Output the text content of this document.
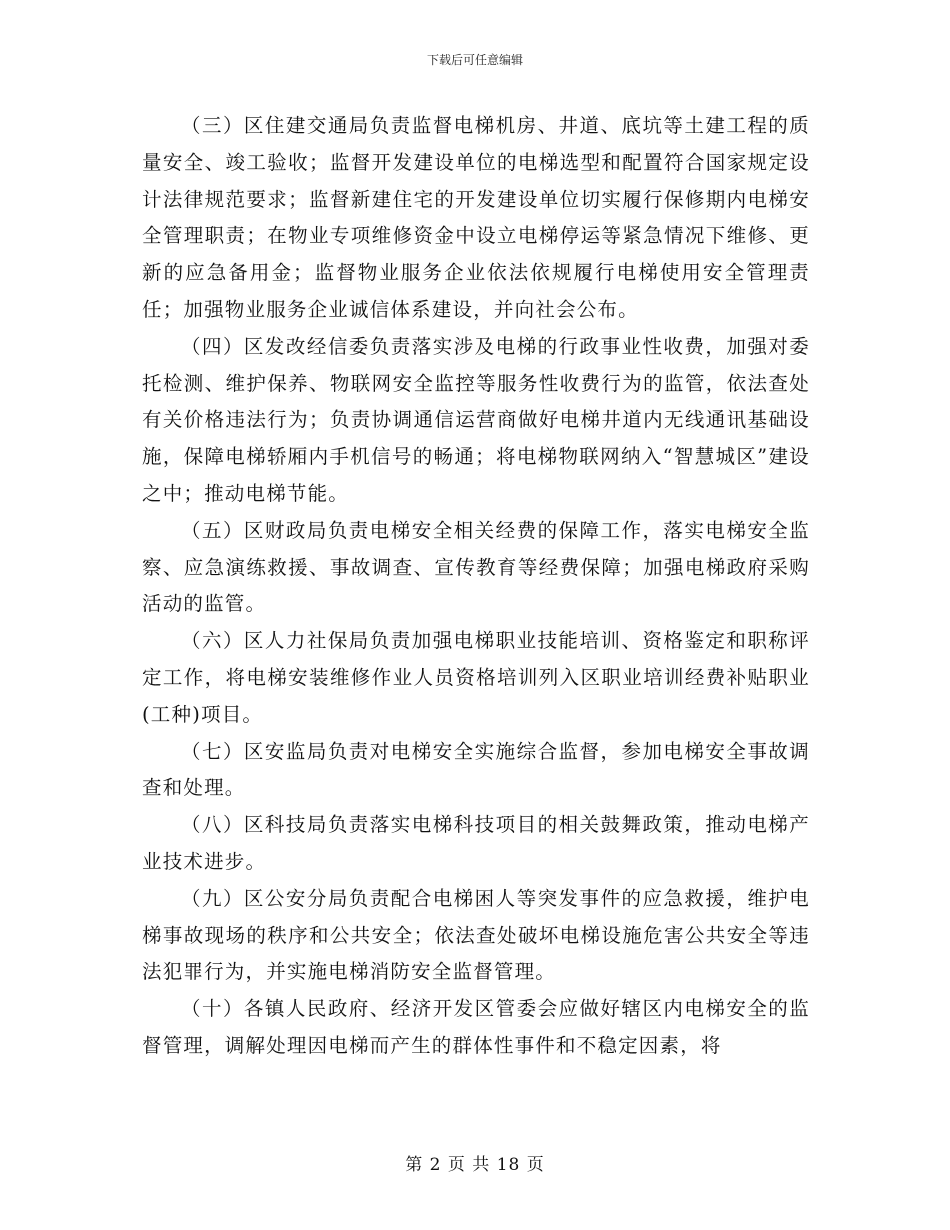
下载后可任意编辑

（三）区住建交通局负责监督电梯机房、井道、底坑等土建工程的质量安全、竣工验收；监督开发建设单位的电梯选型和配置符合国家规定设计法律规范要求；监督新建住宅的开发建设单位切实履行保修期内电梯安全管理职责；在物业专项维修资金中设立电梯停运等紧急情况下维修、更新的应急备用金；监督物业服务企业依法依规履行电梯使用安全管理责任；加强物业服务企业诚信体系建设，并向社会公布。

（四）区发改经信委负责落实涉及电梯的行政事业性收费，加强对委托检测、维护保养、物联网安全监控等服务性收费行为的监管，依法查处有关价格违法行为；负责协调通信运营商做好电梯井道内无线通讯基础设施，保障电梯轿厢内手机信号的畅通；将电梯物联网纳入“智慧城区”建设之中；推动电梯节能。

（五）区财政局负责电梯安全相关经费的保障工作，落实电梯安全监察、应急演练救援、事故调查、宣传教育等经费保障；加强电梯政府采购活动的监管。

（六）区人力社保局负责加强电梯职业技能培训、资格鉴定和职称评定工作，将电梯安装维修作业人员资格培训列入区职业培训经费补贴职业(工种)项目。

（七）区安监局负责对电梯安全实施综合监督，参加电梯安全事故调查和处理。

（八）区科技局负责落实电梯科技项目的相关鼓舞政策，推动电梯产业技术进步。

（九）区公安分局负责配合电梯困人等突发事件的应急救援，维护电梯事故现场的秩序和公共安全；依法查处破坏电梯设施危害公共安全等违法犯罪行为，并实施电梯消防安全监督管理。

（十）各镇人民政府、经济开发区管委会应做好辖区内电梯安全的监督管理，调解处理因电梯而产生的群体性事件和不稳定因素，将

第 2 页 共 18 页
